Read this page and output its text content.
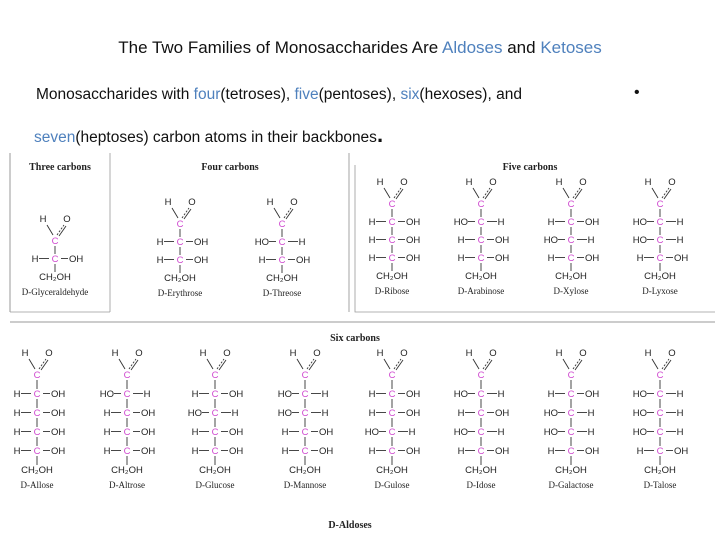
The Two Families of Monosaccharides Are Aldoses and Ketoses
Monosaccharides with four(tetroses), five(pentoses), six(hexoses), and	•
seven(heptoses) carbon atoms in their backbones.
Three carbons	Four carbons	Five carbons
Six carbons
D-Aldoses
H O
C
C
H	OH
CH₂OH
D-Glyceraldehyde
H O
C
C
H	OH
C
H	OH
CH₂OH
D-Erythrose
H O
C
C
HO	H
C
H	OH
CH₂OH
D-Threose
H O
C
C
H	OH
C
H	OH
C
H	OH
CH₂OH
D-Ribose
H O
C
C
HO	H
C
H	OH
C
H	OH
CH₂OH
D-Arabinose
H O
C
C
H	OH
C
HO	H
C
H	OH
CH₂OH
D-Xylose
H O
C
C
HO	H
C
HO	H
C
H	OH
CH₂OH
D-Lyxose
H O
C
C
H	OH
C
H	OH
C
H	OH
C
H	OH
CH₂OH
D-Allose
H O
C
C
HO	H
C
H	OH
C
H	OH
C
H	OH
CH₂OH
D-Altrose
H O
C
C
H	OH
C
HO	H
C
H	OH
C
H	OH
CH₂OH
D-Glucose
H O
C
C
HO	H
C
HO	H
C
H	OH
C
H	OH
CH₂OH
D-Mannose
H O
C
C
H	OH
C
H	OH
C
HO	H
C
H	OH
CH₂OH
D-Gulose
H O
C
C
HO	H
C
H	OH
C
HO	H
C
H	OH
CH₂OH
D-Idose
H O
C
C
H	OH
C
HO	H
C
HO	H
C
H	OH
CH₂OH
D-Galactose
H O
C
C
HO	H
C
HO	H
C
HO	H
C
H	OH
CH₂OH
D-Talose
